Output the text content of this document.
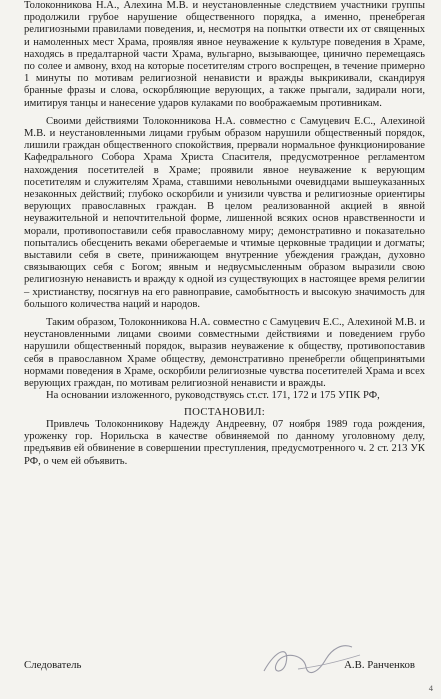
Толоконникова Н.А., Алехина М.В. и неустановленные следствием участники группы продолжили грубое нарушение общественного порядка, а именно, пренебрегая религиозными правилами поведения, и, несмотря на попытки отвести их от священных и намоленных мест Храма, проявляя явное неуважение к культуре поведения в Храме, находясь в предалтарной части Храма, вульгарно, вызывающее, цинично перемещаясь по солее и амвону, вход на которые посетителям строго воспрещен, в течение примерно 1 минуты по мотивам религиозной ненависти и вражды выкрикивали, скандируя бранные фразы и слова, оскорбляющие верующих, а также прыгали, задирали ноги, имитируя танцы и нанесение ударов кулаками по воображаемым противникам.

Своими действиями Толоконникова Н.А. совместно с Самуцевич Е.С., Алехиной М.В. и неустановленными лицами грубым образом нарушили общественный порядок, лишили граждан общественного спокойствия, прервали нормальное функционирование Кафедрального Собора Храма Христа Спасителя, предусмотренное регламентом нахождения посетителей в Храме; проявили явное неуважение к верующим посетителям и служителям Храма, ставшими невольными очевидцами вышеуказанных незаконных действий; глубоко оскорбили и унизили чувства и религиозные ориентиры верующих православных граждан. В целом реализованной акцией в явной неуважительной и непочтительной форме, лишенной всяких основ нравственности и морали, противопоставили себя православному миру; демонстративно и показательно попытались обесценить веками оберегаемые и чтимые церковные традиции и догматы; выставили себя в свете, принижающем внутренние убеждения граждан, духовно связывающих себя с Богом; явным и недвусмысленным образом выразили свою религиозную ненависть и вражду к одной из существующих в настоящее время религии – христианству, посягнув на его равноправие, самобытность и высокую значимость для большого количества наций и народов.

Таким образом, Толоконникова Н.А. совместно с Самуцевич Е.С., Алехиной М.В. и неустановленными лицами своими совместными действиями и поведением грубо нарушили общественный порядок, выразив неуважение к обществу, противопоставив себя в православном Храме обществу, демонстративно пренебрегли общепринятыми нормами поведения в Храме, оскорбили религиозные чувства посетителей Храма и всех верующих граждан, по мотивам религиозной ненависти и вражды.

На основании изложенного, руководствуясь ст.ст. 171, 172 и 175 УПК РФ,

ПОСТАНОВИЛ:

Привлечь Толоконникову Надежду Андреевну, 07 ноября 1989 года рождения, уроженку гор. Норильска в качестве обвиняемой по данному уголовному делу, предъявив ей обвинение в совершении преступления, предусмотренного ч. 2 ст. 213 УК РФ, о чем ей объявить.

Следователь	А.В. Ранченков
4
